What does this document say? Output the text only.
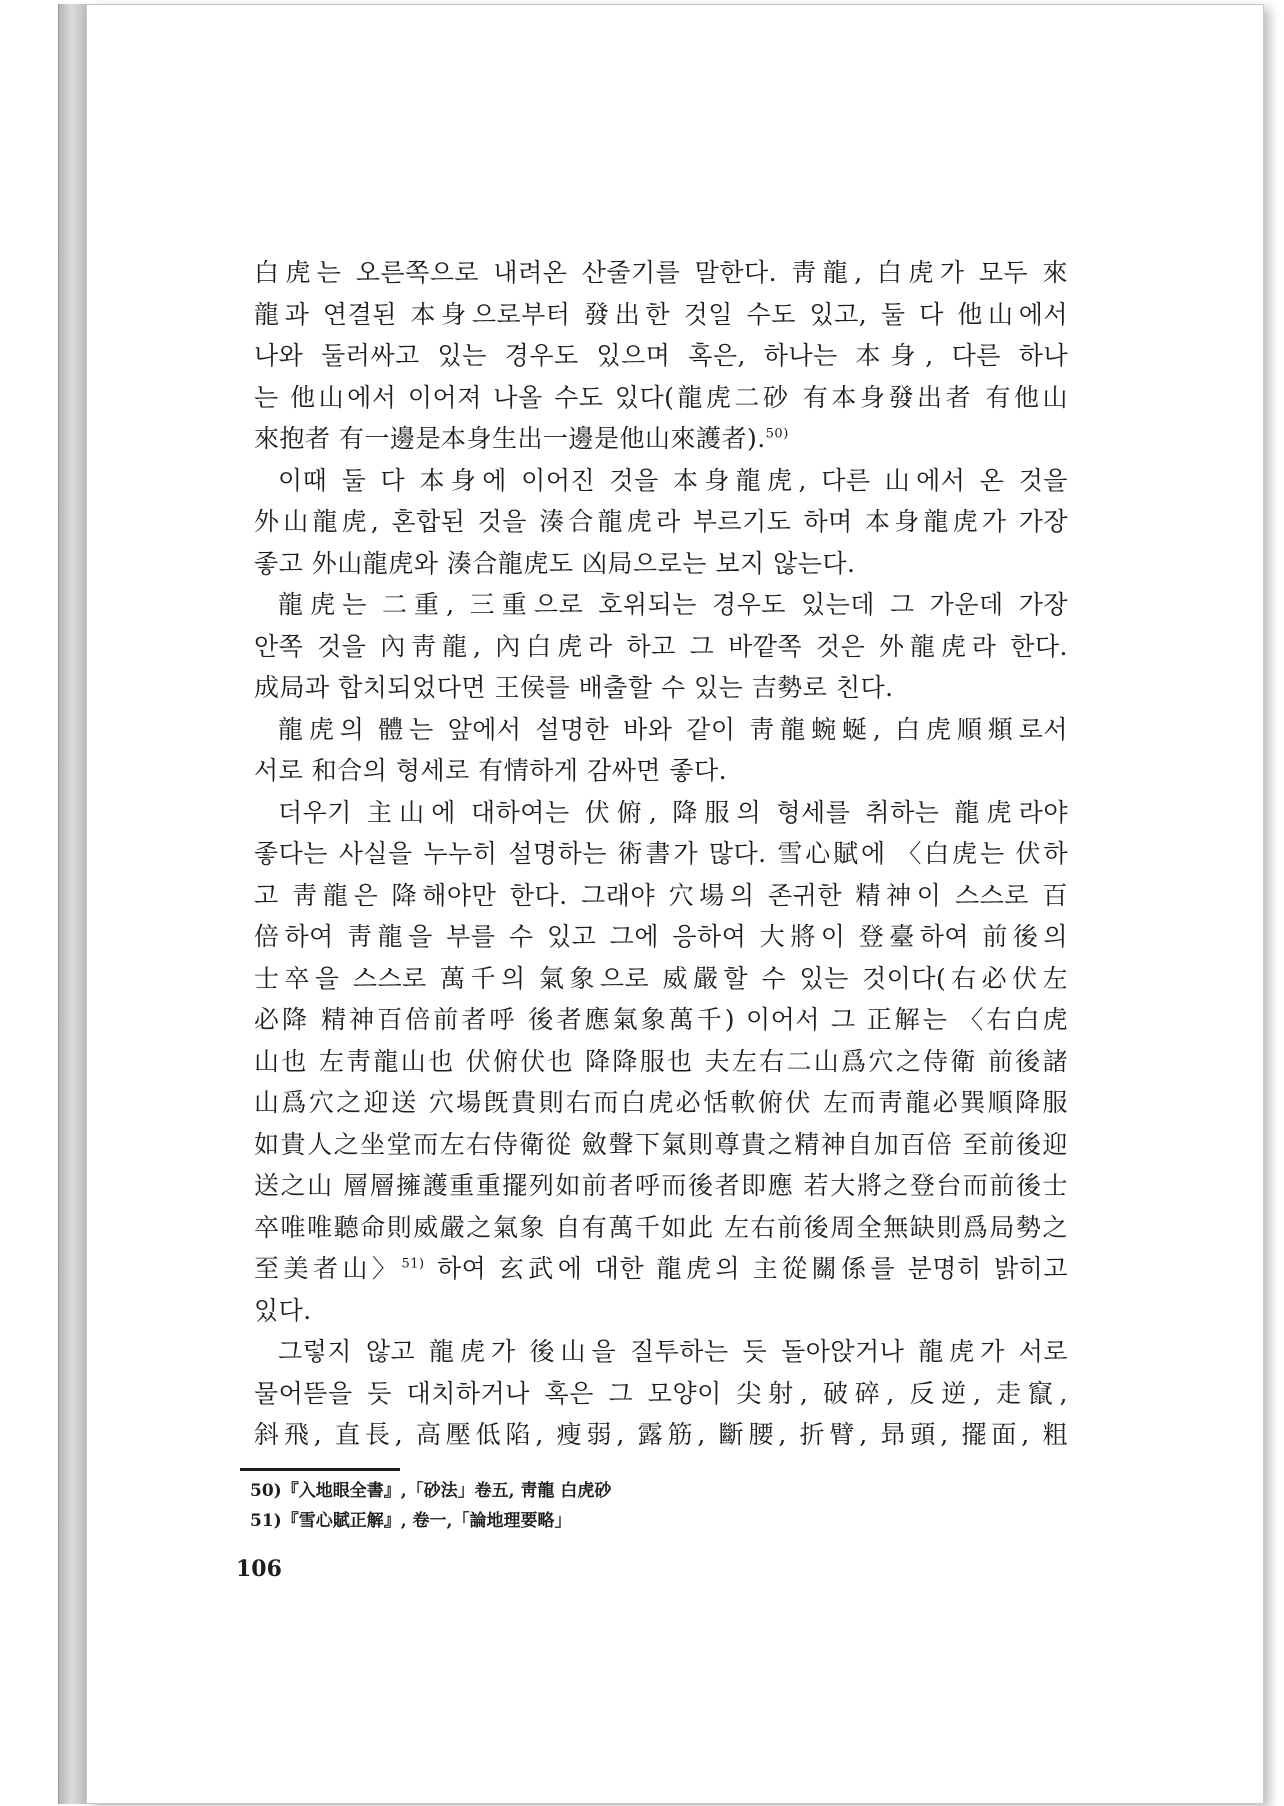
白虎는 오른쪽으로 내려온 산줄기를 말한다. 靑龍, 白虎가 모두 來
龍과 연결된 本身으로부터 發出한 것일 수도 있고, 둘 다 他山에서
나와 둘러싸고 있는 경우도 있으며 혹은, 하나는 本身, 다른 하나
는 他山에서 이어져 나올 수도 있다(龍虎二砂 有本身發出者 有他山
來抱者 有一邊是本身生出一邊是他山來護者).$^{50)}$

이때 둘 다 本身에 이어진 것을 本身龍虎, 다른 山에서 온 것을
外山龍虎, 혼합된 것을 湊合龍虎라 부르기도 하며 本身龍虎가 가장
좋고 外山龍虎와 湊合龍虎도 凶局으로는 보지 않는다.

龍虎는 二重, 三重으로 호위되는 경우도 있는데 그 가운데 가장
안쪽 것을 內靑龍, 內白虎라 하고 그 바깥쪽 것은 外龍虎라 한다.
成局과 합치되었다면 王侯를 배출할 수 있는 吉勢로 친다.

龍虎의 體는 앞에서 설명한 바와 같이 靑龍蜿蜒, 白虎順頫로서
서로 和合의 형세로 有情하게 감싸면 좋다.

더우기 主山에 대하여는 伏俯, 降服의 형세를 취하는 龍虎라야
좋다는 사실을 누누히 설명하는 術書가 많다. 雪心賦에 〈白虎는 伏하
고 靑龍은 降해야만 한다. 그래야 穴場의 존귀한 精神이 스스로 百
倍하여 靑龍을 부를 수 있고 그에 응하여 大將이 登臺하여 前後의
士卒을 스스로 萬千의 氣象으로 威嚴할 수 있는 것이다(右必伏左
必降 精神百倍前者呼 後者應氣象萬千) 이어서 그 正解는 〈右白虎
山也 左靑龍山也 伏俯伏也 降降服也 夫左右二山爲穴之侍衛 前後諸
山爲穴之迎送 穴場旣貴則右而白虎必恬軟俯伏 左而靑龍必巽順降服
如貴人之坐堂而左右侍衛從 斂聲下氣則尊貴之精神自加百倍 至前後迎
送之山 層層擁護重重擺列如前者呼而後者即應 若大將之登台而前後士
卒唯唯聽命則威嚴之氣象 自有萬千如此 左右前後周全無缺則爲局勢之
至美者山〉$^{51)}$ 하여 玄武에 대한 龍虎의 主從關係를 분명히 밝히고
있다.

그렇지 않고 龍虎가 後山을 질투하는 듯 돌아앉거나 龍虎가 서로
물어뜯을 듯 대치하거나 혹은 그 모양이 尖射, 破碎, 反逆, 走竄,
斜飛, 直長, 高壓低陷, 瘦弱, 露筋, 斷腰, 折臂, 昻頭, 擺面, 粗

50)『入地眼全書』,「砂法」卷五, 靑龍 白虎砂
51)『雪心賦正解』, 卷一,「論地理要略」
106
